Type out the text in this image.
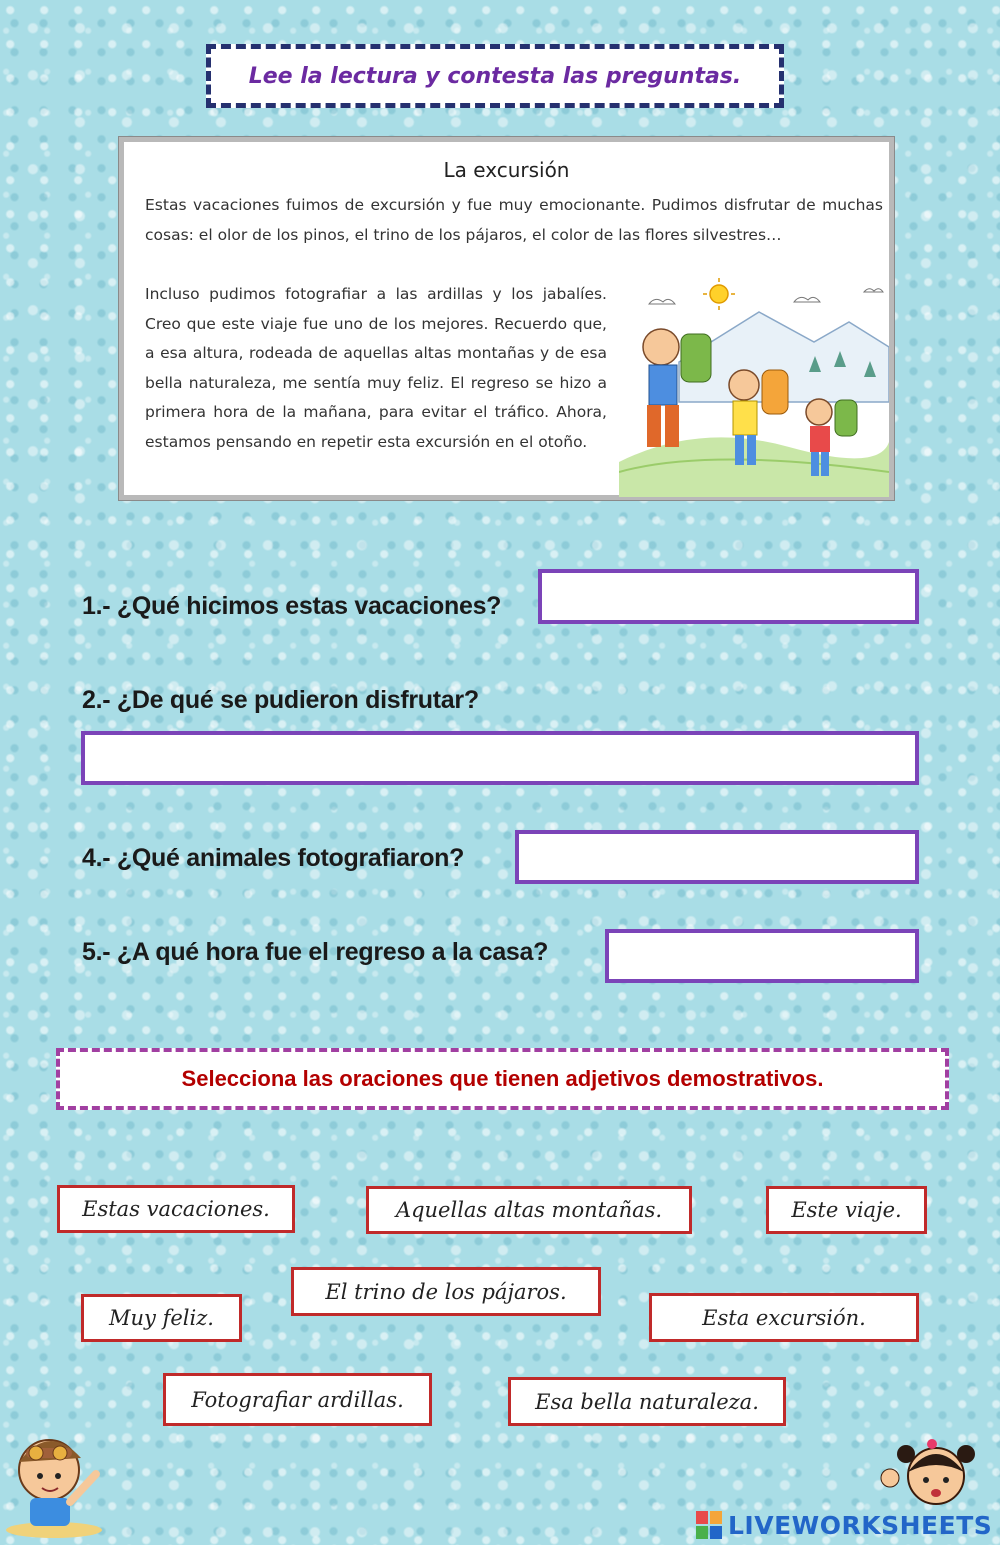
Lee la lectura y contesta las preguntas.
La excursión

Estas vacaciones fuimos de excursión y fue muy emocionante. Pudimos disfrutar de muchas cosas: el olor de los pinos, el trino de los pájaros, el color de las flores silvestres…

Incluso pudimos fotografiar a las ardillas y los jabalíes. Creo que este viaje fue uno de los mejores. Recuerdo que, a esa altura, rodeada de aquellas altas montañas y de esa bella naturaleza, me sentía muy feliz. El regreso se hizo a primera hora de la mañana, para evitar el tráfico. Ahora, estamos pensando en repetir esta excursión en el otoño.

1.- ¿Qué hicimos estas vacaciones?
2.- ¿De qué se pudieron disfrutar?
4.- ¿Qué animales fotografiaron?
5.- ¿A qué hora fue el regreso a la casa?
Selecciona las oraciones que tienen adjetivos demostrativos.
Estas vacaciones.	Aquellas altas montañas.	Este viaje.
El trino de los pájaros.
Muy feliz.	Esta excursión.
Fotografiar ardillas.	Esa bella naturaleza.
LIVEWORKSHEETS
